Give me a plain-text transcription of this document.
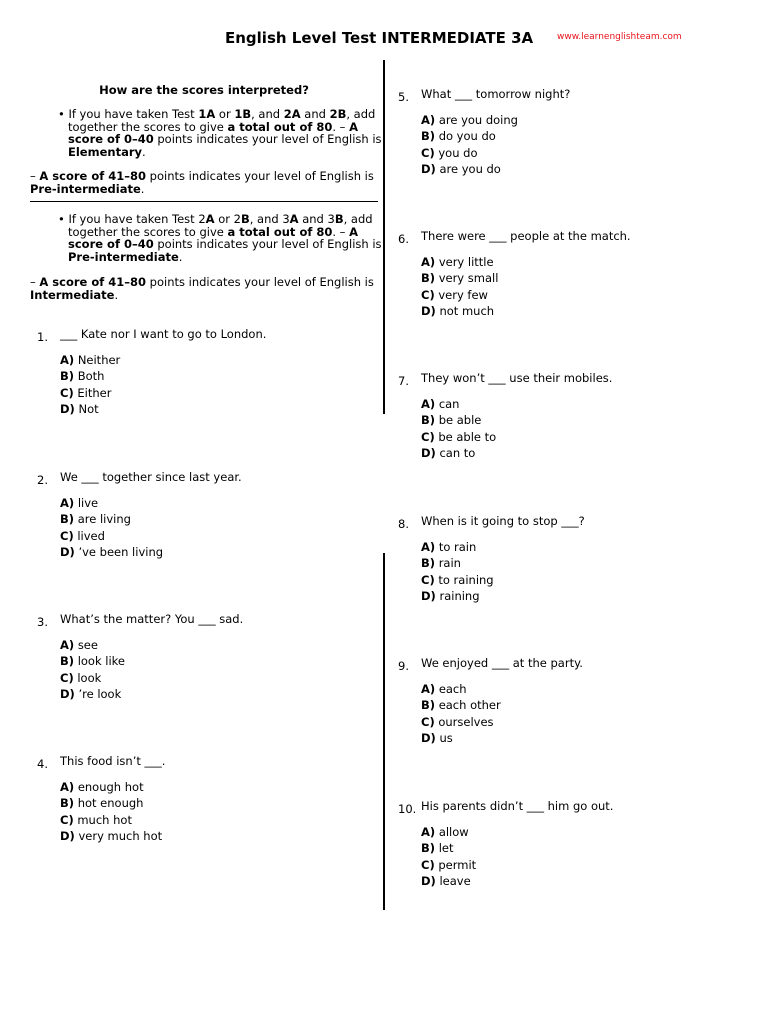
English Level Test INTERMEDIATE 3A	www.learnenglishteam.com
How are the scores interpreted?
• If you have taken Test 1A or 1B, and 2A and 2B, add together the scores to give a total out of 80. – A score of 0–40 points indicates your level of English is Elementary.
– A score of 41–80 points indicates your level of English is Pre-intermediate.
• If you have taken Test 2A or 2B, and 3A and 3B, add together the scores to give a total out of 80. – A score of 0–40 points indicates your level of English is Pre-intermediate.
– A score of 41–80 points indicates your level of English is Intermediate.
1. ___ Kate nor I want to go to London.
A) Neither
B) Both
C) Either
D) Not
2. We ___ together since last year.
A) live
B) are living
C) lived
D) ’ve been living
3. What’s the matter? You ___ sad.
A) see
B) look like
C) look
D) ’re look
4. This food isn’t ___.
A) enough hot
B) hot enough
C) much hot
D) very much hot
5. What ___ tomorrow night?
A) are you doing
B) do you do
C) you do
D) are you do
6. There were ___ people at the match.
A) very little
B) very small
C) very few
D) not much
7. They won’t ___ use their mobiles.
A) can
B) be able
C) be able to
D) can to
8. When is it going to stop ___?
A) to rain
B) rain
C) to raining
D) raining
9. We enjoyed ___ at the party.
A) each
B) each other
C) ourselves
D) us
10. His parents didn’t ___ him go out.
A) allow
B) let
C) permit
D) leave
